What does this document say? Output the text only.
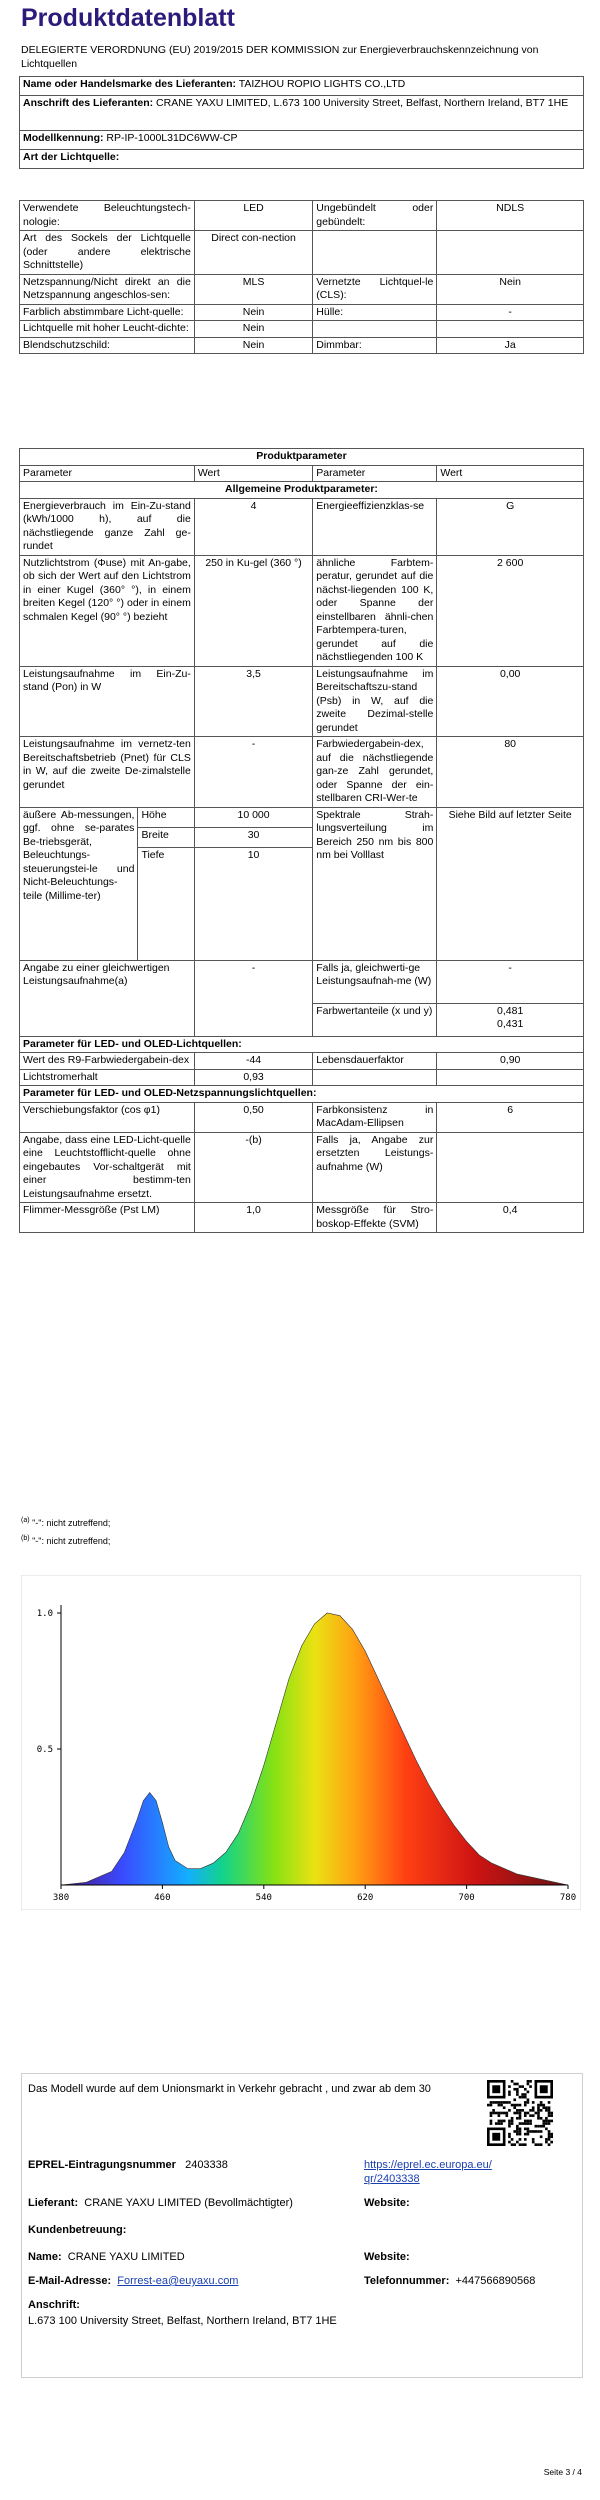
Produktdatenblatt
DELEGIERTE VERORDNUNG (EU) 2019/2015 DER KOMMISSION zur Energieverbrauchskennzeichnung von Lichtquellen
Name oder Handelsmarke des Lieferanten: TAIZHOU ROPIO LIGHTS CO.,LTD
Anschrift des Lieferanten: CRANE YAXU LIMITED, L.673 100 University Street, Belfast, Northern Ireland, BT7 1HE
Modellkennung: RP-IP-1000L31DC6WW-CP
Art der Lichtquelle:
Verwendete Beleuchtungstech-nologie:	LED	Ungebündelt oder gebündelt:	NDLS
Art des Sockels der Lichtquelle (oder andere elektrische Schnittstelle)	Direct con-nection		
Netzspannung/Nicht direkt an die Netzspannung angeschlos-sen:	MLS	Vernetzte Lichtquel-le (CLS):	Nein
Farblich abstimmbare Licht-quelle:	Nein	Hülle:	-
Lichtquelle mit hoher Leucht-dichte:	Nein		
Blendschutzschild:	Nein	Dimmbar:	Ja
Produktparameter				
Parameter		Wert	Parameter	Wert
Allgemeine Produktparameter:				
Energieverbrauch im Ein-Zu-stand (kWh/1000 h), auf die nächstliegende ganze Zahl ge-rundet		4	Energieeffizienzklas-se	G
Nutzlichtstrom (Φuse) mit An-gabe, ob sich der Wert auf den Lichtstrom in einer Kugel (360° °), in einem breiten Kegel (120° °) oder in einem schmalen Kegel (90° °) bezieht		250 in Ku-gel (360 °)	ähnliche Farbtem-peratur, gerundet auf die nächst-liegenden 100 K, oder Spanne der einstellbaren ähnli-chen Farbtempera-turen, gerundet auf die nächstliegenden 100 K	2 600
Leistungsaufnahme im Ein-Zu-stand (Pon) in W		3,5	Leistungsaufnahme im Bereitschaftszu-stand (Psb) in W, auf die zweite Dezimal-stelle gerundet	0,00
Leistungsaufnahme im vernetz-ten Bereitschaftsbetrieb (Pnet) für CLS in W, auf die zweite De-zimalstelle gerundet		-	Farbwiedergabein-dex, auf die nächstliegende gan-ze Zahl gerundet, oder Spanne der ein-stellbaren CRI-Wer-te	80
äußere Ab-messungen, ggf. ohne se-parates Be-triebsgerät, Beleuchtungs-steuerungstei-le und Nicht-Beleuchtungs-teile (Millime-ter)	Höhe	10 000	Spektrale Strah-lungsverteilung im Bereich 250 nm bis 800 nm bei Volllast	Siehe Bild auf letzter Seite
	Breite	30		
	Tiefe	10		
Angabe zu einer gleichwertigen Leistungsaufnahme(a)		-	Falls ja, gleichwerti-ge Leistungsaufnah-me (W)	-
			Farbwertanteile (x und y)	0,481
0,431
Parameter für LED- und OLED-Lichtquellen:				
Wert des R9-Farbwiedergabein-dex		-44	Lebensdauerfaktor	0,90
Lichtstromerhalt		0,93		
Parameter für LED- und OLED-Netzspannungslichtquellen:				
Verschiebungsfaktor (cos φ1)		0,50	Farbkonsistenz in MacAdam-Ellipsen	6
Angabe, dass eine LED-Licht-quelle eine Leuchtstofflicht-quelle ohne eingebautes Vor-schaltgerät mit einer bestimm-ten Leistungsaufnahme ersetzt.		-(b)	Falls ja, Angabe zur ersetzten Leistungs-aufnahme (W)	
Flimmer-Messgröße (Pst LM)		1,0	Messgröße für Stro-boskop-Effekte (SVM)	0,4
$^{(a)}$ "-": nicht zutreffend;
$^{(b)}$ "-": nicht zutreffend;
380	460	540	620	700	780
0.5
1.0
Das Modell wurde auf dem Unionsmarkt in Verkehr gebracht , und zwar ab dem 30
EPREL-Eintragungsnummer 2403338	https://eprel.ec.europa.eu/qr/2403338
Lieferant: CRANE YAXU LIMITED (Bevollmächtigter)	Website:
Kundenbetreuung:
Name: CRANE YAXU LIMITED	Website:
E-Mail-Adresse: Forrest-ea@euyaxu.com	Telefonnummer: +447566890568
Anschrift:
L.673 100 University Street, Belfast, Northern Ireland, BT7 1HE
Seite 3 / 4
